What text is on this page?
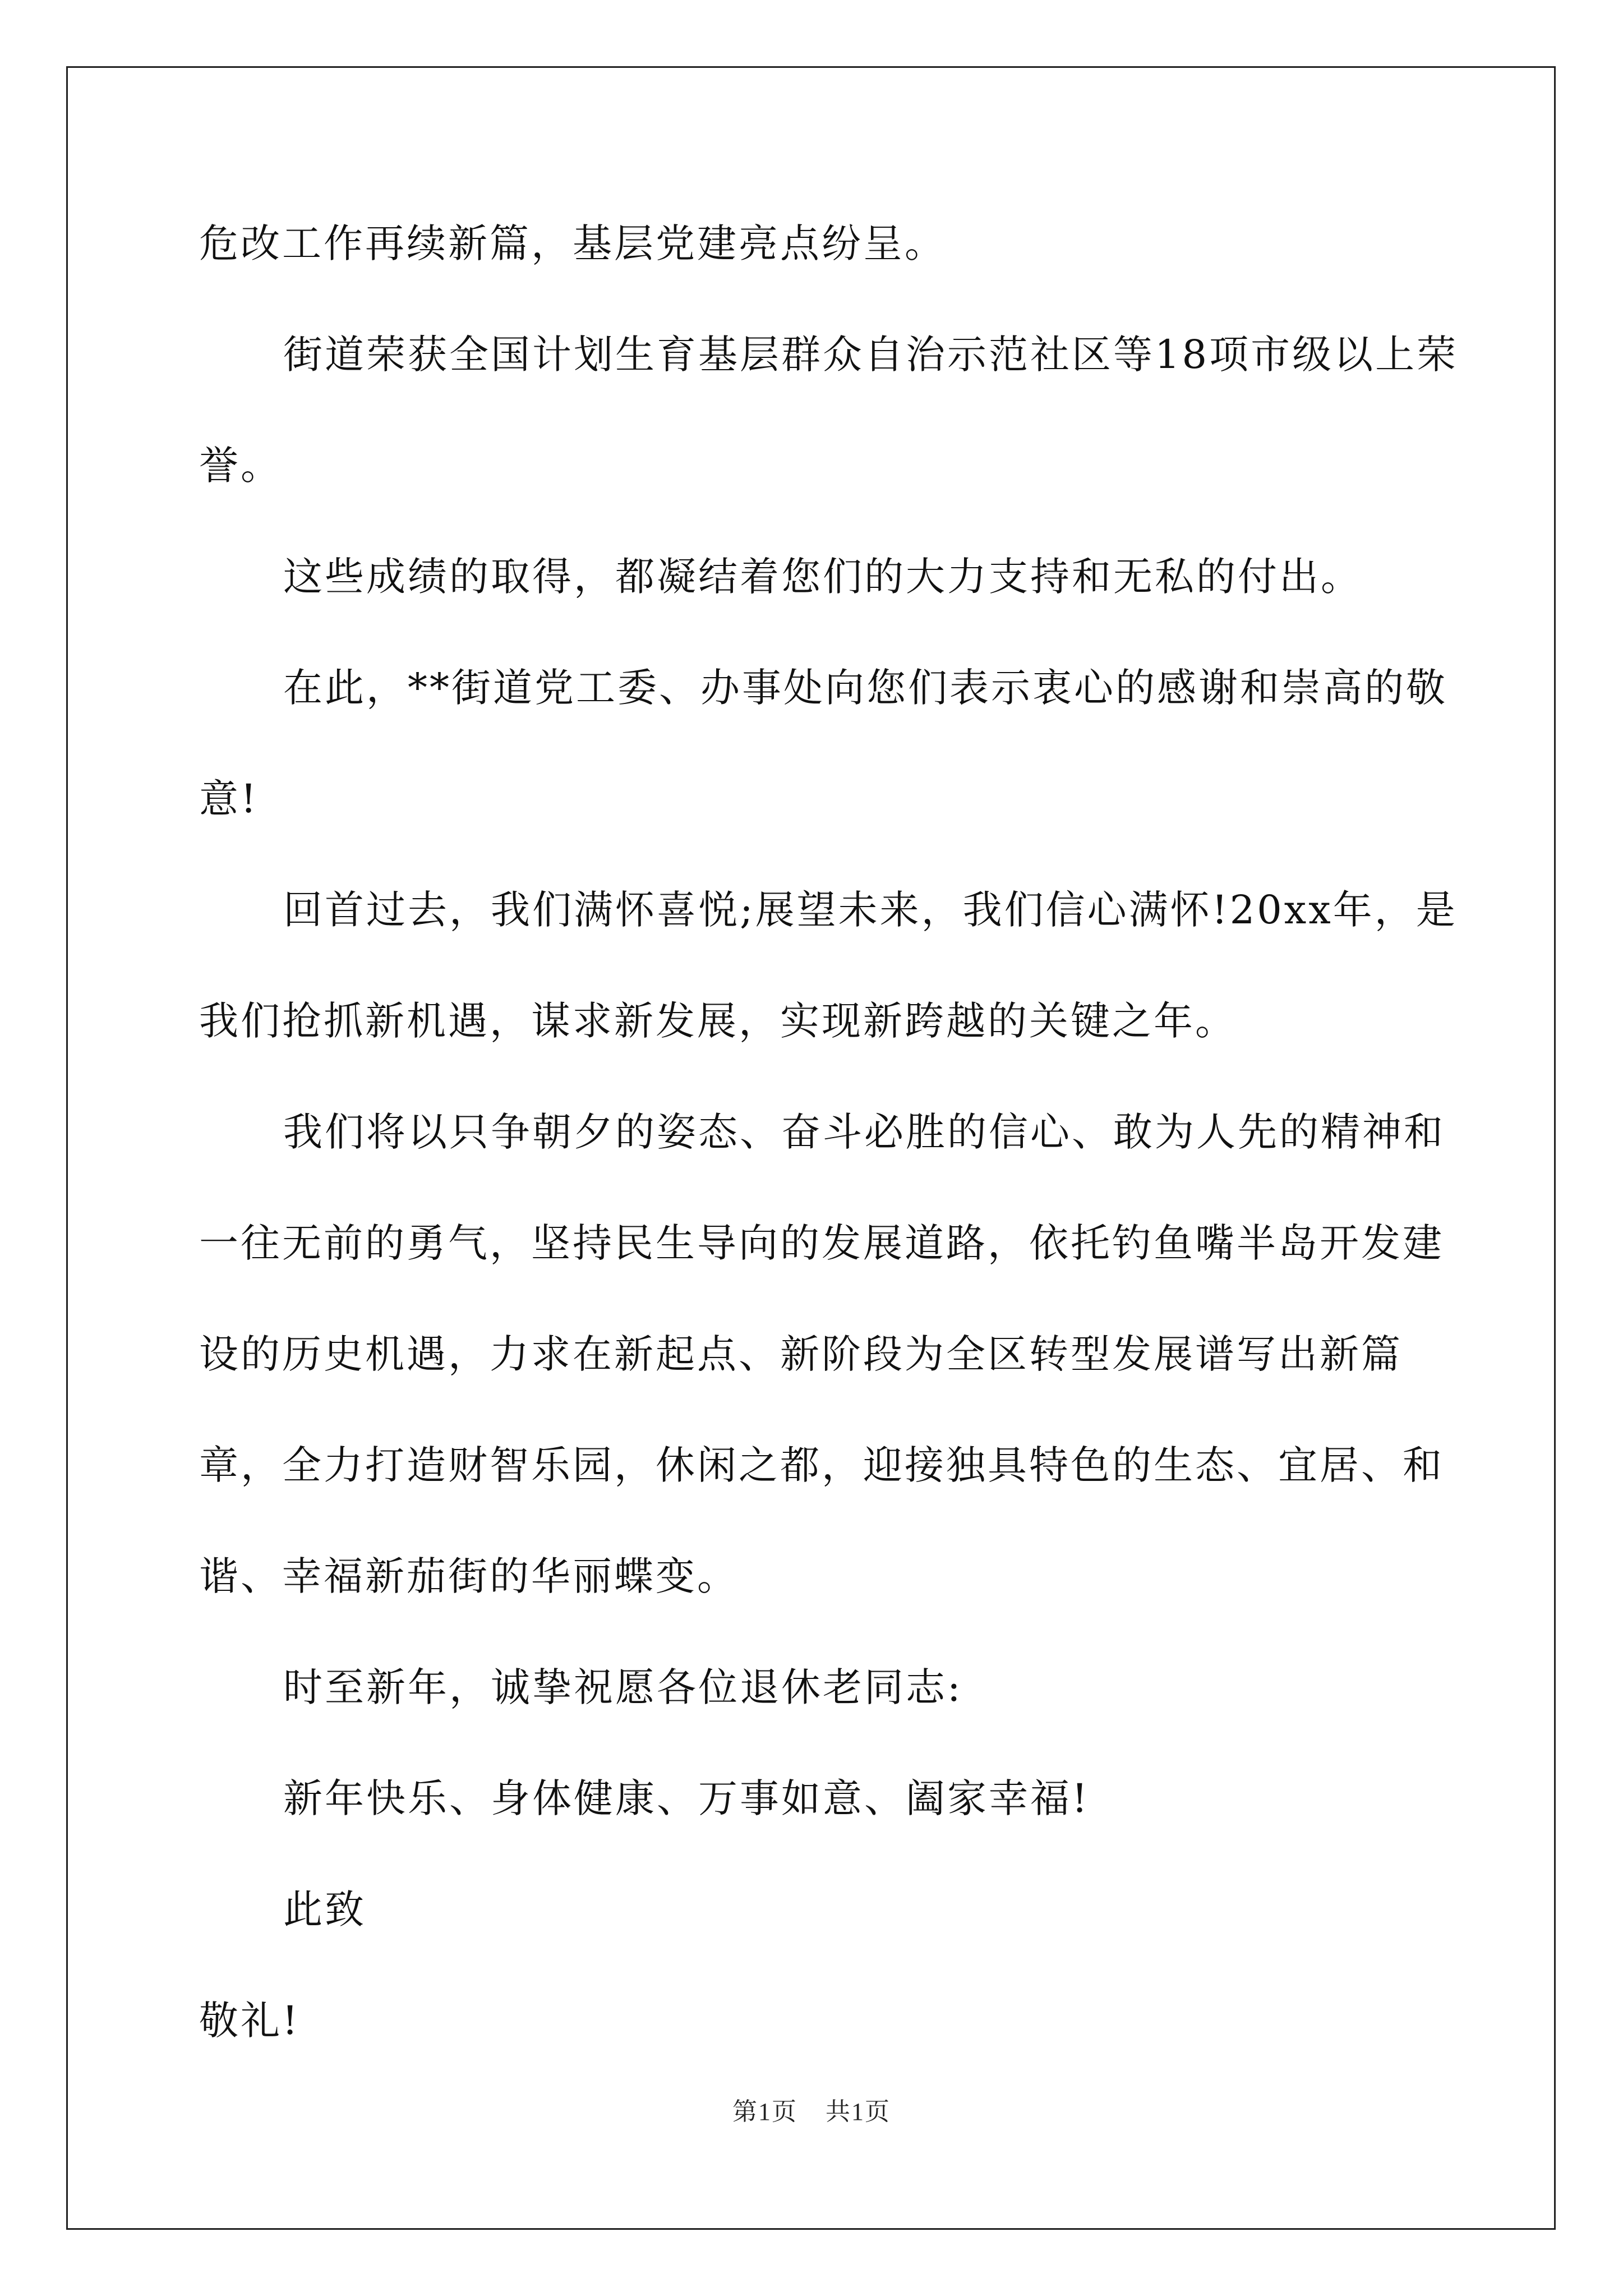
危改工作再续新篇，基层党建亮点纷呈。

街道荣获全国计划生育基层群众自治示范社区等18项市级以上荣誉。

这些成绩的取得，都凝结着您们的大力支持和无私的付出。

在此，**街道党工委、办事处向您们表示衷心的感谢和崇高的敬意!

回首过去，我们满怀喜悦;展望未来，我们信心满怀!20xx年，是我们抢抓新机遇，谋求新发展，实现新跨越的关键之年。

我们将以只争朝夕的姿态、奋斗必胜的信心、敢为人先的精神和一往无前的勇气，坚持民生导向的发展道路，依托钓鱼嘴半岛开发建设的历史机遇，力求在新起点、新阶段为全区转型发展谱写出新篇章，全力打造财智乐园，休闲之都，迎接独具特色的生态、宜居、和谐、幸福新茄街的华丽蝶变。

时至新年，诚挚祝愿各位退休老同志:

新年快乐、身体健康、万事如意、阖家幸福!

此致

敬礼!

第1页 共1页
